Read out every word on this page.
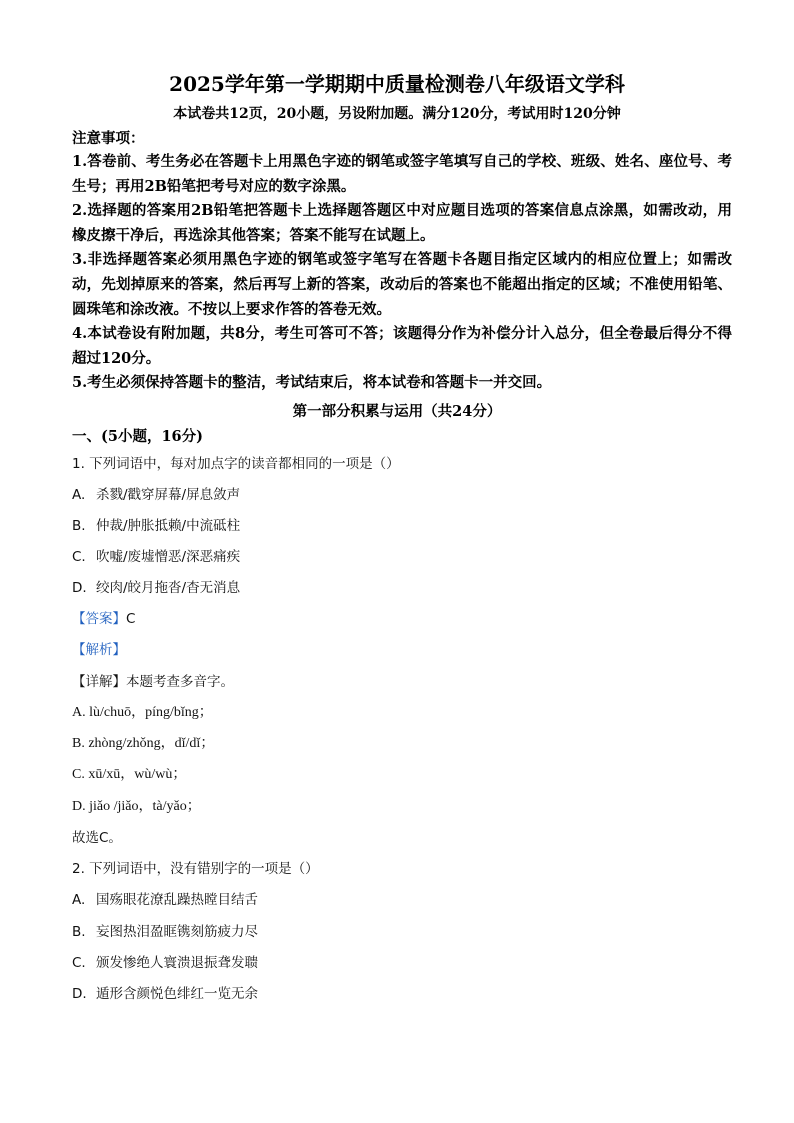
2025学年第一学期期中质量检测卷八年级语文学科
本试卷共12页，20小题，另设附加题。满分120分，考试用时120分钟
注意事项：

1.答卷前、考生务必在答题卡上用黑色字迹的钢笔或签字笔填写自己的学校、班级、姓名、座位号、考生号；再用2B铅笔把考号对应的数字涂黑。

2.选择题的答案用2B铅笔把答题卡上选择题答题区中对应题目选项的答案信息点涂黑，如需改动，用橡皮擦干净后，再选涂其他答案；答案不能写在试题上。

3.非选择题答案必须用黑色字迹的钢笔或签字笔写在答题卡各题目指定区域内的相应位置上；如需改动，先划掉原来的答案，然后再写上新的答案，改动后的答案也不能超出指定的区域；不准使用铅笔、圆珠笔和涂改液。不按以上要求作答的答卷无效。

4.本试卷设有附加题，共8分，考生可答可不答；该题得分作为补偿分计入总分，但全卷最后得分不得超过120分。

5.考生必须保持答题卡的整洁，考试结束后，将本试卷和答题卡一并交回。

第一部分积累与运用（共24分）
一、(5小题，16分)
1. 下列词语中，每对加点字的读音都相同的一项是（）
A. 杀戮/戳穿屏幕/屏息敛声
B. 仲裁/肿胀抵赖/中流砥柱
C. 吹嘘/废墟憎恶/深恶痛疾
D. 绞肉/皎月拖沓/杳无消息
【答案】C
【解析】
【详解】本题考查多音字。
A. lù/chuō，píng/bǐng；
B. zhòng/zhǒng，dǐ/dǐ；
C. xū/xū，wù/wù；
D. jiǎo /jiǎo，tà/yǎo；
故选C。
2. 下列词语中，没有错别字的一项是（）
A. 国殇眼花潦乱躁热瞠目结舌
B. 妄图热泪盈眶镌刻筋疲力尽
C. 颁发惨绝人寰溃退振聋发聩
D. 遁形含颜悦色绯红一览无余
